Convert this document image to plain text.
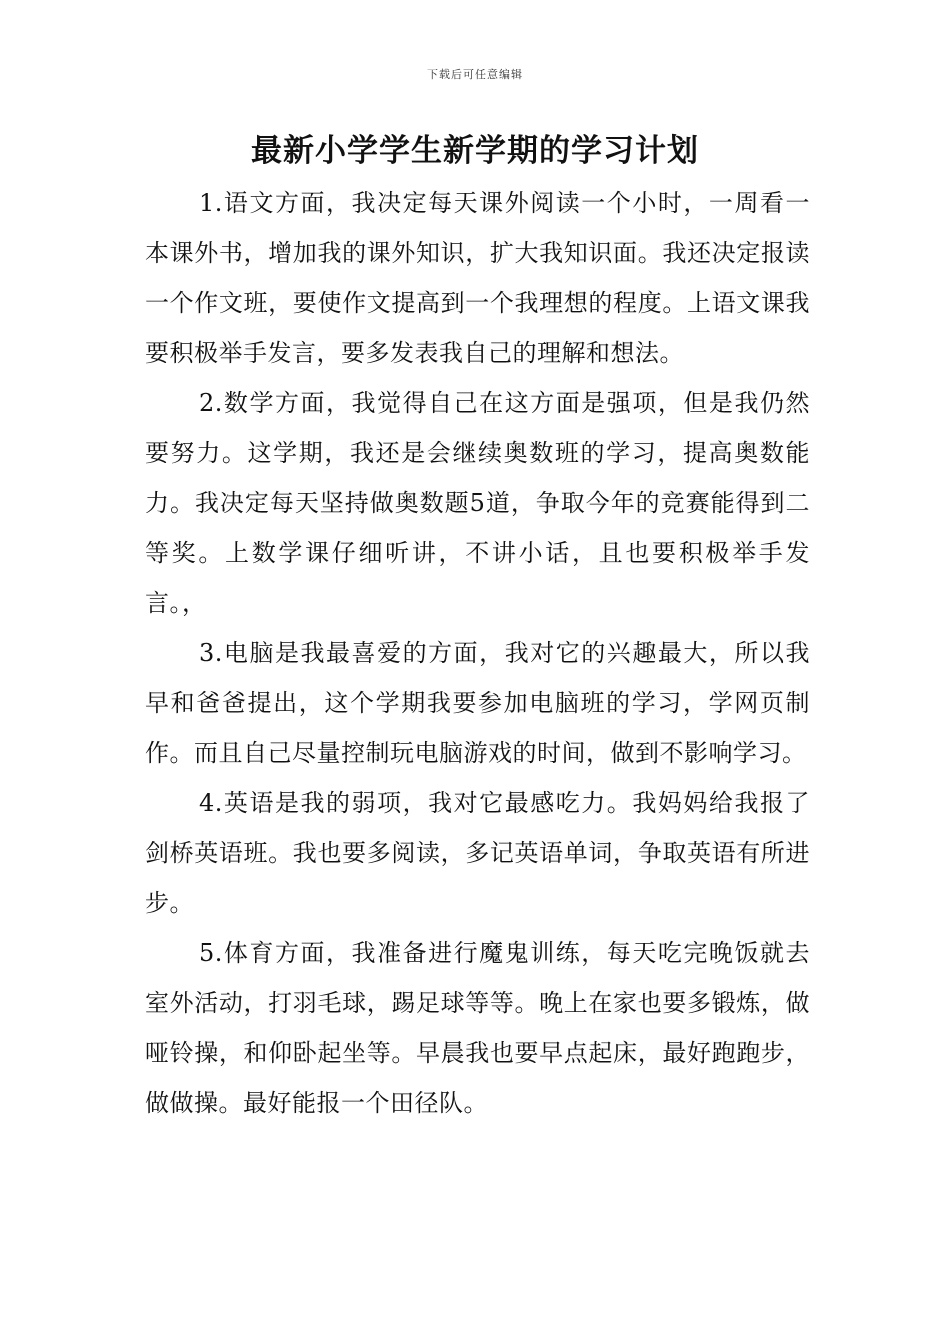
下载后可任意编辑
最新小学学生新学期的学习计划

1.语文方面，我决定每天课外阅读一个小时，一周看一本课外书，增加我的课外知识，扩大我知识面。我还决定报读一个作文班，要使作文提高到一个我理想的程度。上语文课我要积极举手发言，要多发表我自己的理解和想法。

2.数学方面，我觉得自己在这方面是强项，但是我仍然要努力。这学期，我还是会继续奥数班的学习，提高奥数能力。我决定每天坚持做奥数题5道，争取今年的竞赛能得到二等奖。上数学课仔细听讲，不讲小话，且也要积极举手发言。，

3.电脑是我最喜爱的方面，我对它的兴趣最大，所以我早和爸爸提出，这个学期我要参加电脑班的学习，学网页制作。而且自己尽量控制玩电脑游戏的时间，做到不影响学习。

4.英语是我的弱项，我对它最感吃力。我妈妈给我报了剑桥英语班。我也要多阅读，多记英语单词，争取英语有所进步。

5.体育方面，我准备进行魔鬼训练，每天吃完晚饭就去室外活动，打羽毛球，踢足球等等。晚上在家也要多锻炼，做哑铃操，和仰卧起坐等。早晨我也要早点起床，最好跑跑步，做做操。最好能报一个田径队。
